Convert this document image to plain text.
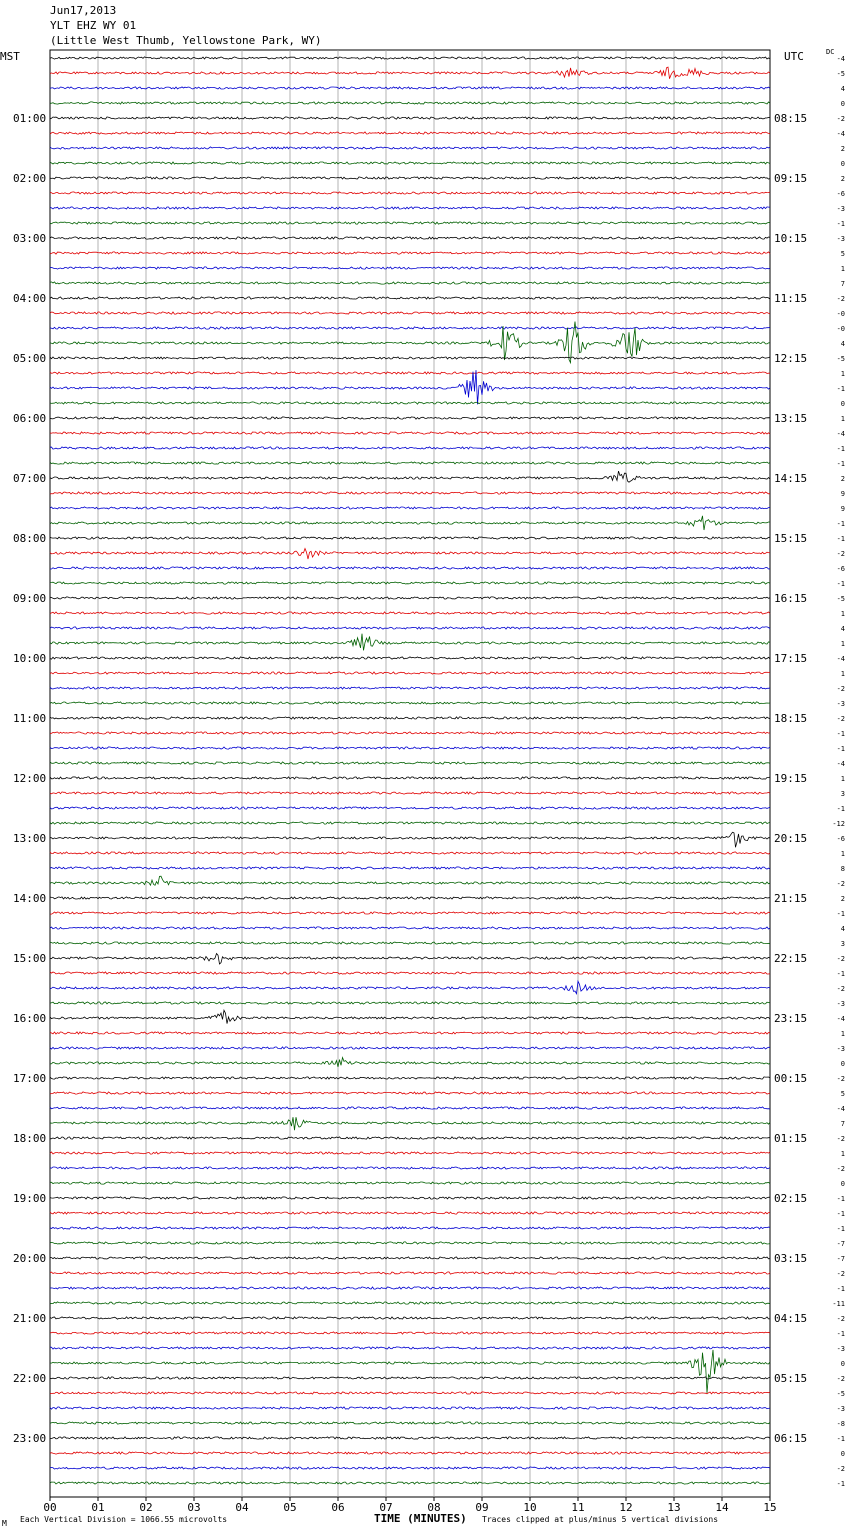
Jun17,2013
YLT EHZ WY 01
(Little West Thumb, Yellowstone Park, WY)
MST	UTC	DC
01:00	08:15
02:00	09:15
03:00	10:15
04:00	11:15
05:00	12:15
06:00	13:15
07:00	14:15
08:00	15:15
09:00	16:15
10:00	17:15
11:00	18:15
12:00	19:15
13:00	20:15
14:00	21:15
15:00	22:15
16:00	23:15
17:00	00:15
18:00	01:15
19:00	02:15
20:00	03:15
21:00	04:15
22:00	05:15
23:00	06:15
-4
-5
4
0
-2
-4
2
0
2
-6
-3
-1
-3
5
1
7
-2
-0
-0
4
-5
1
-1
0
1
-4
-1
-1
2
9
9
-1
-1
-2
-6
-1
-5
1
4
1
-4
1
-2
-3
-2
-1
-1
-4
1
3
-1
-12
-6
1
8
-2
2
-1
4
3
-2
-1
-2
-3
-4
1
-3
0
-2
5
-4
7
-2
1
-2
0
-1
-1
-1
-7
-7
-2
-1
-11
-2
-1
-3
0
-2
-5
-3
-8
-1
0
-2
-1
00	01	02	03	04	05	06	07	08	09	10	11	12	13	14	15
TIME (MINUTES)
M Each Vertical Division = 1066.55 microvolts	Traces clipped at plus/minus 5 vertical divisions
